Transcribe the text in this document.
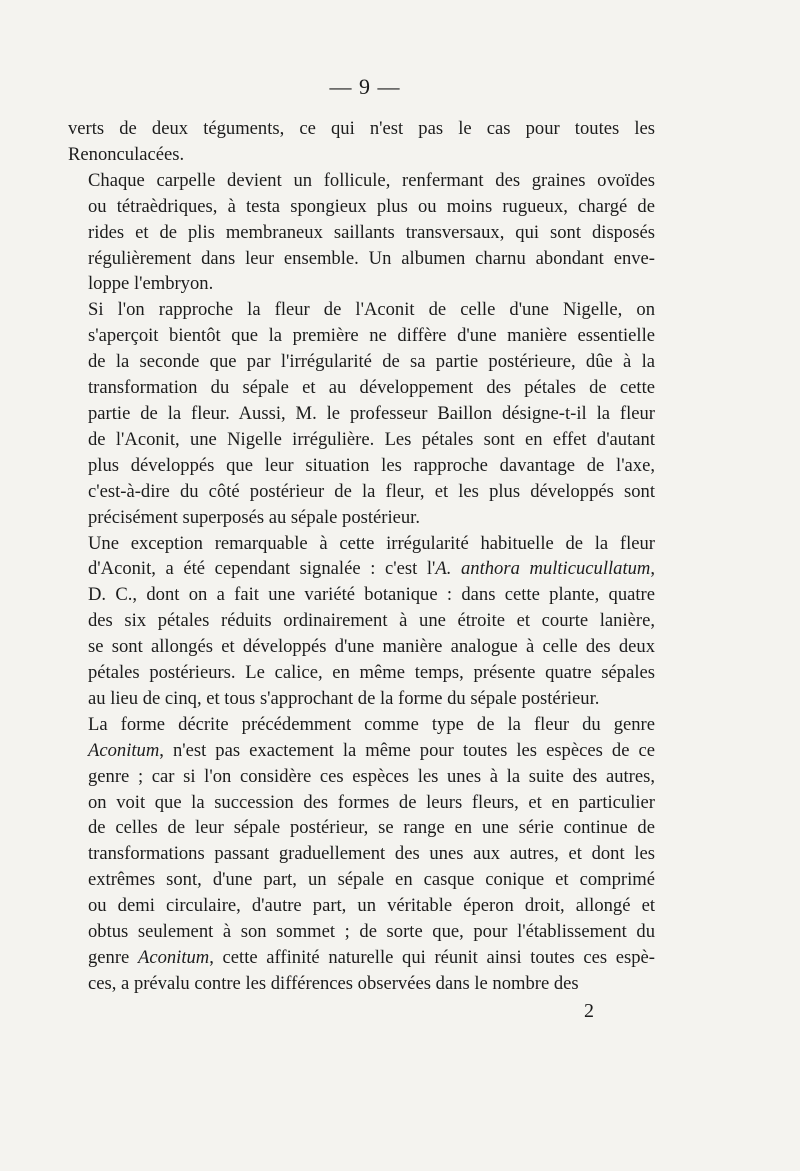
— 9 —

verts de deux téguments, ce qui n'est pas le cas pour toutes les
Renonculacées.

Chaque carpelle devient un follicule, renfermant des graines ovoïdes
ou tétraèdriques, à testa spongieux plus ou moins rugueux, chargé de
rides et de plis membraneux saillants transversaux, qui sont disposés
régulièrement dans leur ensemble. Un albumen charnu abondant enve-
loppe l'embryon.

Si l'on rapproche la fleur de l'Aconit de celle d'une Nigelle, on
s'aperçoit bientôt que la première ne diffère d'une manière essentielle
de la seconde que par l'irrégularité de sa partie postérieure, dûe à la
transformation du sépale et au développement des pétales de cette
partie de la fleur. Aussi, M. le professeur Baillon désigne-t-il la fleur
de l'Aconit, une Nigelle irrégulière. Les pétales sont en effet d'autant
plus développés que leur situation les rapproche davantage de l'axe,
c'est-à-dire du côté postérieur de la fleur, et les plus développés sont
précisément superposés au sépale postérieur.

Une exception remarquable à cette irrégularité habituelle de la fleur
d'Aconit, a été cependant signalée : c'est l'A. anthora multicucullatum,
D. C., dont on a fait une variété botanique : dans cette plante, quatre
des six pétales réduits ordinairement à une étroite et courte lanière,
se sont allongés et développés d'une manière analogue à celle des deux
pétales postérieurs. Le calice, en même temps, présente quatre sépales
au lieu de cinq, et tous s'approchant de la forme du sépale postérieur.

La forme décrite précédemment comme type de la fleur du genre
Aconitum, n'est pas exactement la même pour toutes les espèces de ce
genre ; car si l'on considère ces espèces les unes à la suite des autres,
on voit que la succession des formes de leurs fleurs, et en particulier
de celles de leur sépale postérieur, se range en une série continue de
transformations passant graduellement des unes aux autres, et dont les
extrêmes sont, d'une part, un sépale en casque conique et comprimé
ou demi circulaire, d'autre part, un véritable éperon droit, allongé et
obtus seulement à son sommet ; de sorte que, pour l'établissement du
genre Aconitum, cette affinité naturelle qui réunit ainsi toutes ces espè-
ces, a prévalu contre les différences observées dans le nombre des

2
